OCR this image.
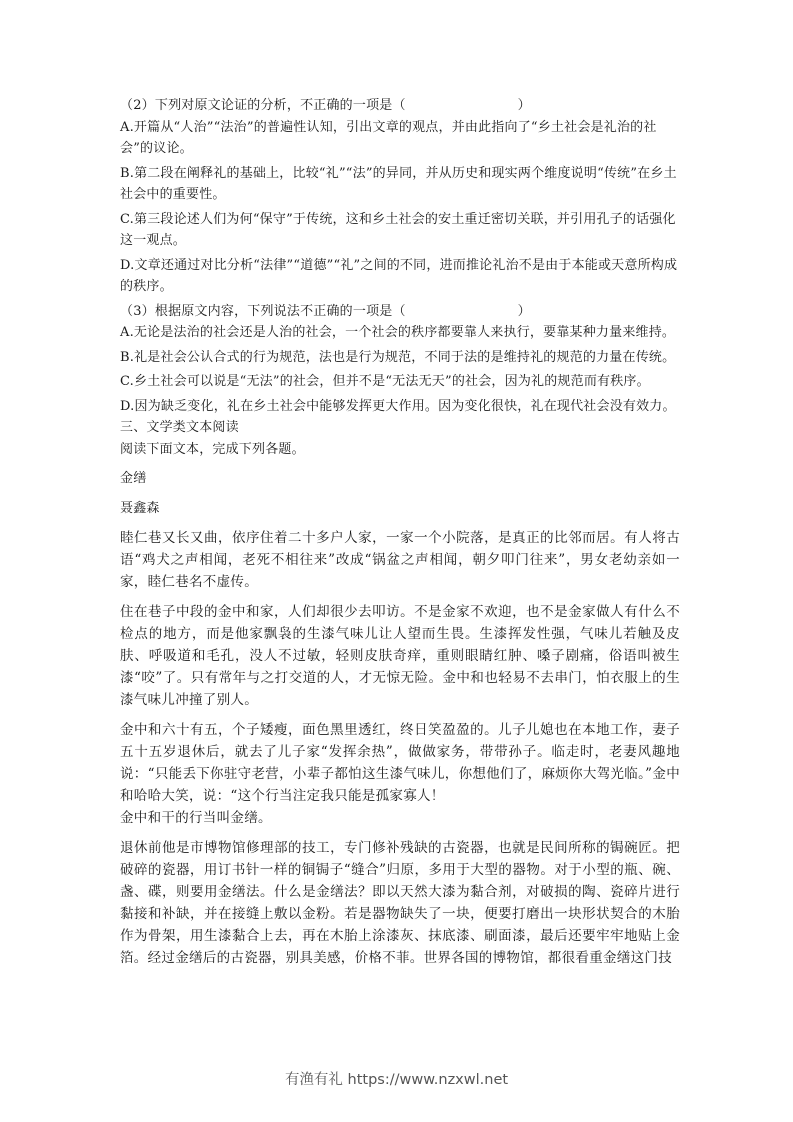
（2）下列对原文论证的分析，不正确的一项是（	）

A.开篇从“人治”“法治”的普遍性认知，引出文章的观点，并由此指向了“乡土社会是礼治的社会”的议论。

B.第二段在阐释礼的基础上，比较“礼”“法”的异同，并从历史和现实两个维度说明“传统”在乡土社会中的重要性。

C.第三段论述人们为何“保守”于传统，这和乡土社会的安土重迁密切关联，并引用孔子的话强化这一观点。

D.文章还通过对比分析“法律”“道德”“礼”之间的不同，进而推论礼治不是由于本能或天意所构成的秩序。

（3）根据原文内容，下列说法不正确的一项是（	）

A.无论是法治的社会还是人治的社会，一个社会的秩序都要靠人来执行，要靠某种力量来维持。

B.礼是社会公认合式的行为规范，法也是行为规范，不同于法的是维持礼的规范的力量在传统。

C.乡土社会可以说是“无法”的社会，但并不是“无法无天”的社会，因为礼的规范而有秩序。

D.因为缺乏变化，礼在乡土社会中能够发挥更大作用。因为变化很快，礼在现代社会没有效力。

三、文学类文本阅读

阅读下面文本，完成下列各题。

金缮

聂鑫森

睦仁巷又长又曲，依序住着二十多户人家，一家一个小院落，是真正的比邻而居。有人将古语“鸡犬之声相闻，老死不相往来”改成“锅盆之声相闻，朝夕叩门往来”，男女老幼亲如一家，睦仁巷名不虚传。

住在巷子中段的金中和家，人们却很少去叩访。不是金家不欢迎，也不是金家做人有什么不检点的地方，而是他家飘袅的生漆气味儿让人望而生畏。生漆挥发性强，气味儿若触及皮肤、呼吸道和毛孔，没人不过敏，轻则皮肤奇痒，重则眼睛红肿、嗓子剧痛，俗语叫被生漆“咬”了。只有常年与之打交道的人，才无惊无险。金中和也轻易不去串门，怕衣服上的生漆气味儿冲撞了别人。

金中和六十有五，个子矮瘦，面色黑里透红，终日笑盈盈的。儿子儿媳也在本地工作，妻子五十五岁退休后，就去了儿子家“发挥余热”，做做家务，带带孙子。临走时，老妻风趣地说：“只能丢下你驻守老营，小辈子都怕这生漆气味儿，你想他们了，麻烦你大驾光临。”金中和哈哈大笑，说：“这个行当注定我只能是孤家寡人！

金中和干的行当叫金缮。

退休前他是市博物馆修理部的技工，专门修补残缺的古瓷器，也就是民间所称的锔碗匠。把破碎的瓷器，用订书针一样的铜锔子“缝合”归原，多用于大型的器物。对于小型的瓶、碗、盏、碟，则要用金缮法。什么是金缮法？即以天然大漆为黏合剂，对破损的陶、瓷碎片进行黏接和补缺，并在接缝上敷以金粉。若是器物缺失了一块，便要打磨出一块形状契合的木胎作为骨架，用生漆黏合上去，再在木胎上涂漆灰、抹底漆、刷面漆，最后还要牢牢地贴上金箔。经过金缮后的古瓷器，别具美感，价格不菲。世界各国的博物馆，都很看重金缮这门技

有渔有礼 https://www.nzxwl.net
